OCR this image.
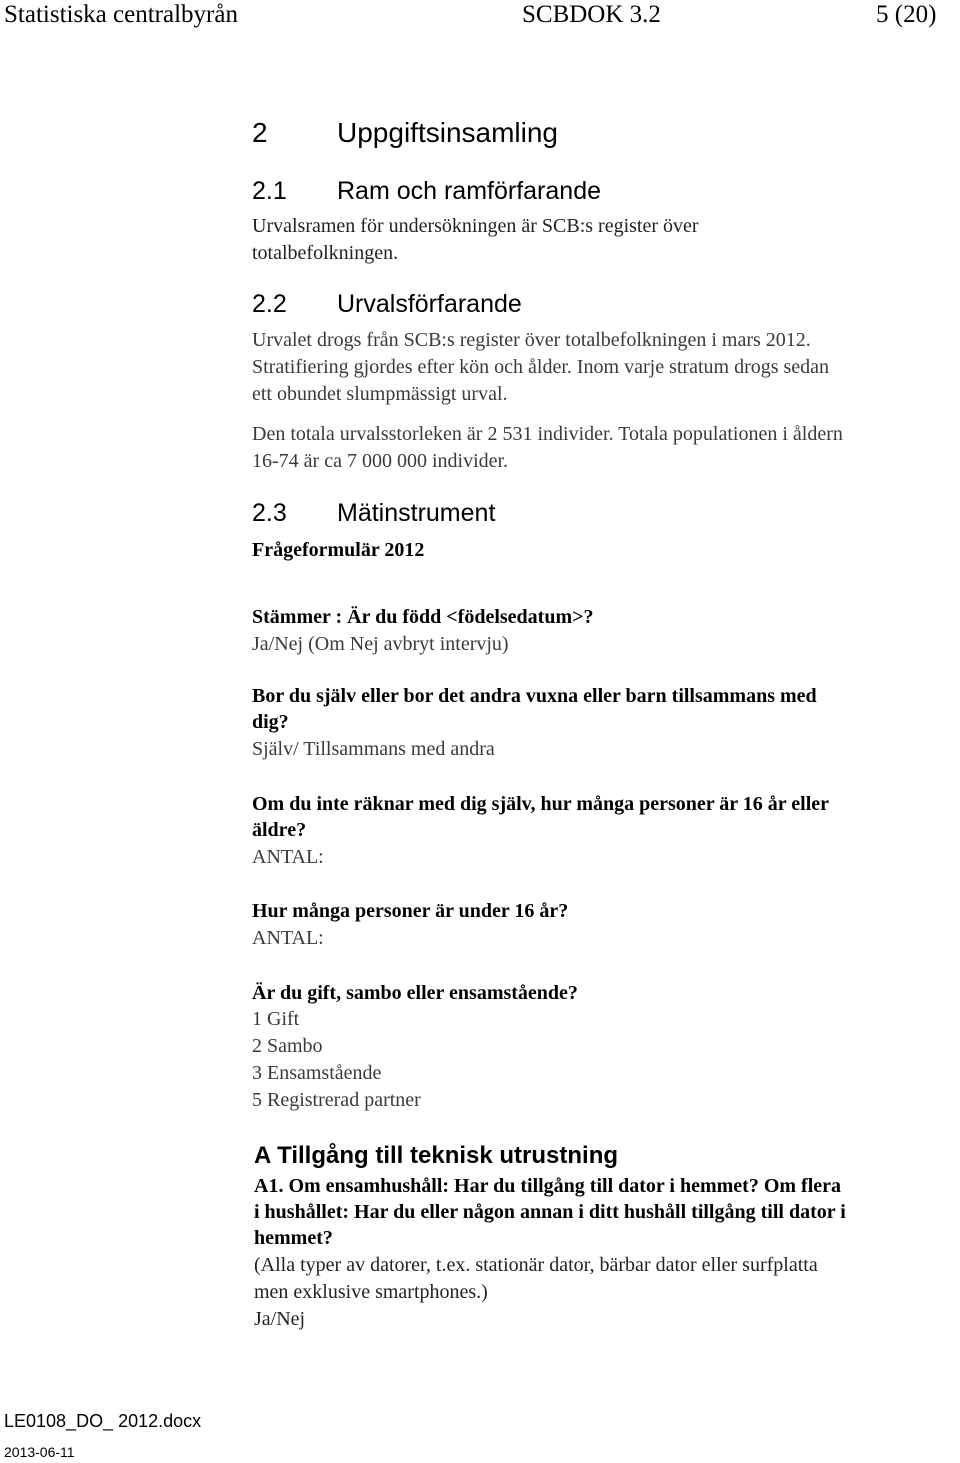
Statistiska centralbyrån	SCBDOK 3.2	5 (20)
2 Uppgiftsinsamling
2.1 Ram och ramförfarande
Urvalsramen för undersökningen är SCB:s register över
totalbefolkningen.
2.2 Urvalsförfarande
Urvalet drogs från SCB:s register över totalbefolkningen i mars 2012.
Stratifiering gjordes efter kön och ålder. Inom varje stratum drogs sedan
ett obundet slumpmässigt urval.
Den totala urvalsstorleken är 2 531 individer. Totala populationen i åldern
16-74 är ca 7 000 000 individer.
2.3 Mätinstrument
Frågeformulär 2012
Stämmer : Är du född <födelsedatum>?
Ja/Nej (Om Nej avbryt intervju)
Bor du själv eller bor det andra vuxna eller barn tillsammans med
dig?
Själv/ Tillsammans med andra
Om du inte räknar med dig själv, hur många personer är 16 år eller
äldre?
ANTAL:
Hur många personer är under 16 år?
ANTAL:
Är du gift, sambo eller ensamstående?
1 Gift
2 Sambo
3 Ensamstående
5 Registrerad partner
A Tillgång till teknisk utrustning
A1. Om ensamhushåll: Har du tillgång till dator i hemmet? Om flera
i hushållet: Har du eller någon annan i ditt hushåll tillgång till dator i
hemmet?
(Alla typer av datorer, t.ex. stationär dator, bärbar dator eller surfplatta
men exklusive smartphones.)
Ja/Nej
LE0108_DO_ 2012.docx
2013-06-11
